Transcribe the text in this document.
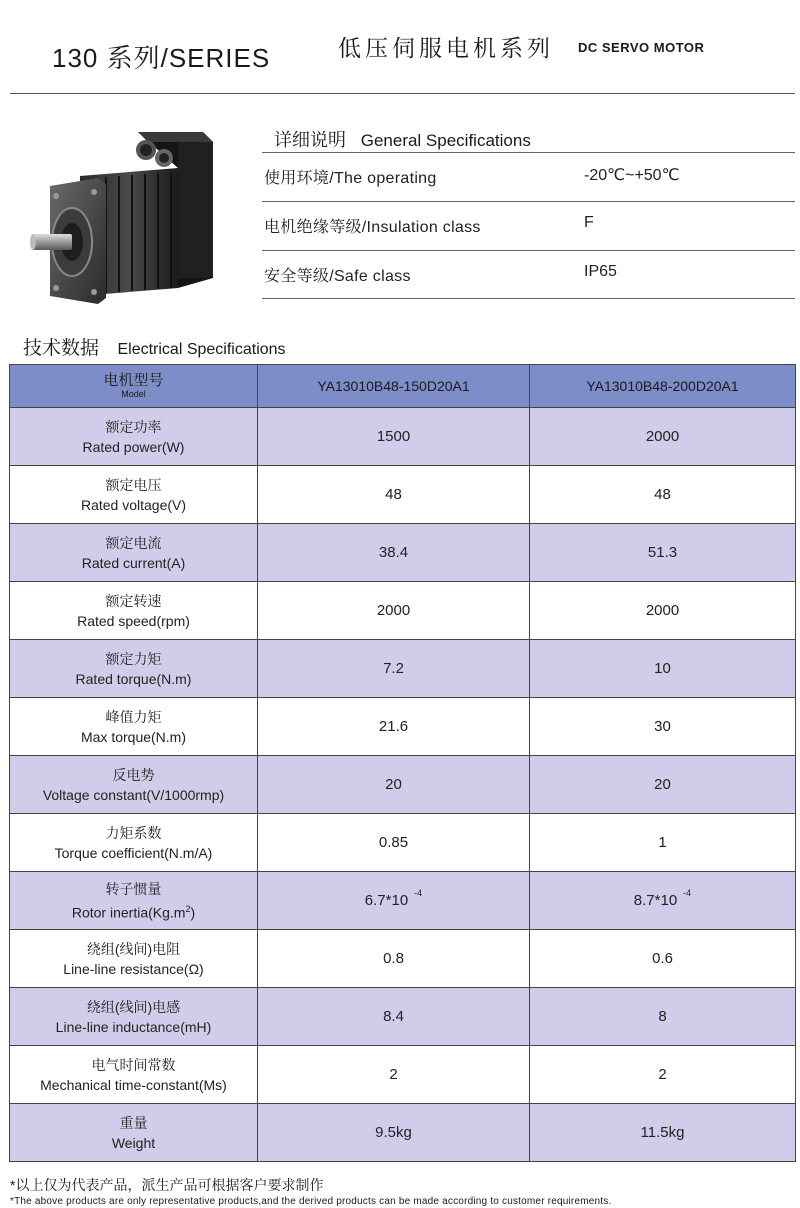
130 系列/SERIES	低压伺服电机系列 DC SERVO MOTOR
详细说明 General Specifications
使用环境/The operating	-20℃~+50℃
电机绝缘等级/Insulation class	F
安全等级/Safe class	IP65
技术数据 Electrical Specifications
电机型号
Model	YA13010B48-150D20A1	YA13010B48-200D20A1

额定功率
Rated power(W)	1500	2000

额定电压
Rated voltage(V)	48	48

额定电流
Rated current(A)	38.4	51.3

额定转速
Rated speed(rpm)	2000	2000

额定力矩
Rated torque(N.m)	7.2	10

峰值力矩
Max torque(N.m)	21.6	30

反电势
Voltage constant(V/1000rmp)	20	20

力矩系数
Torque coefficient(N.m/A)	0.85	1

转子惯量
Rotor $inertia(Kg.m^2)$	6.7*10 $^{-4}$	8.7*10 $^{-4}$

绕组(线间)电阻
Line-line resistance(Ω)	0.8	0.6

绕组(线间)电感
Line-line inductance(mH)	8.4	8

电气时间常数
Mechanical time-constant(Ms)	2	2

重量
Weight	9.5kg	11.5kg
*以上仅为代表产品，派生产品可根据客户要求制作
*The above products are only representative products,and the derived products can be made according to customer requirements.
